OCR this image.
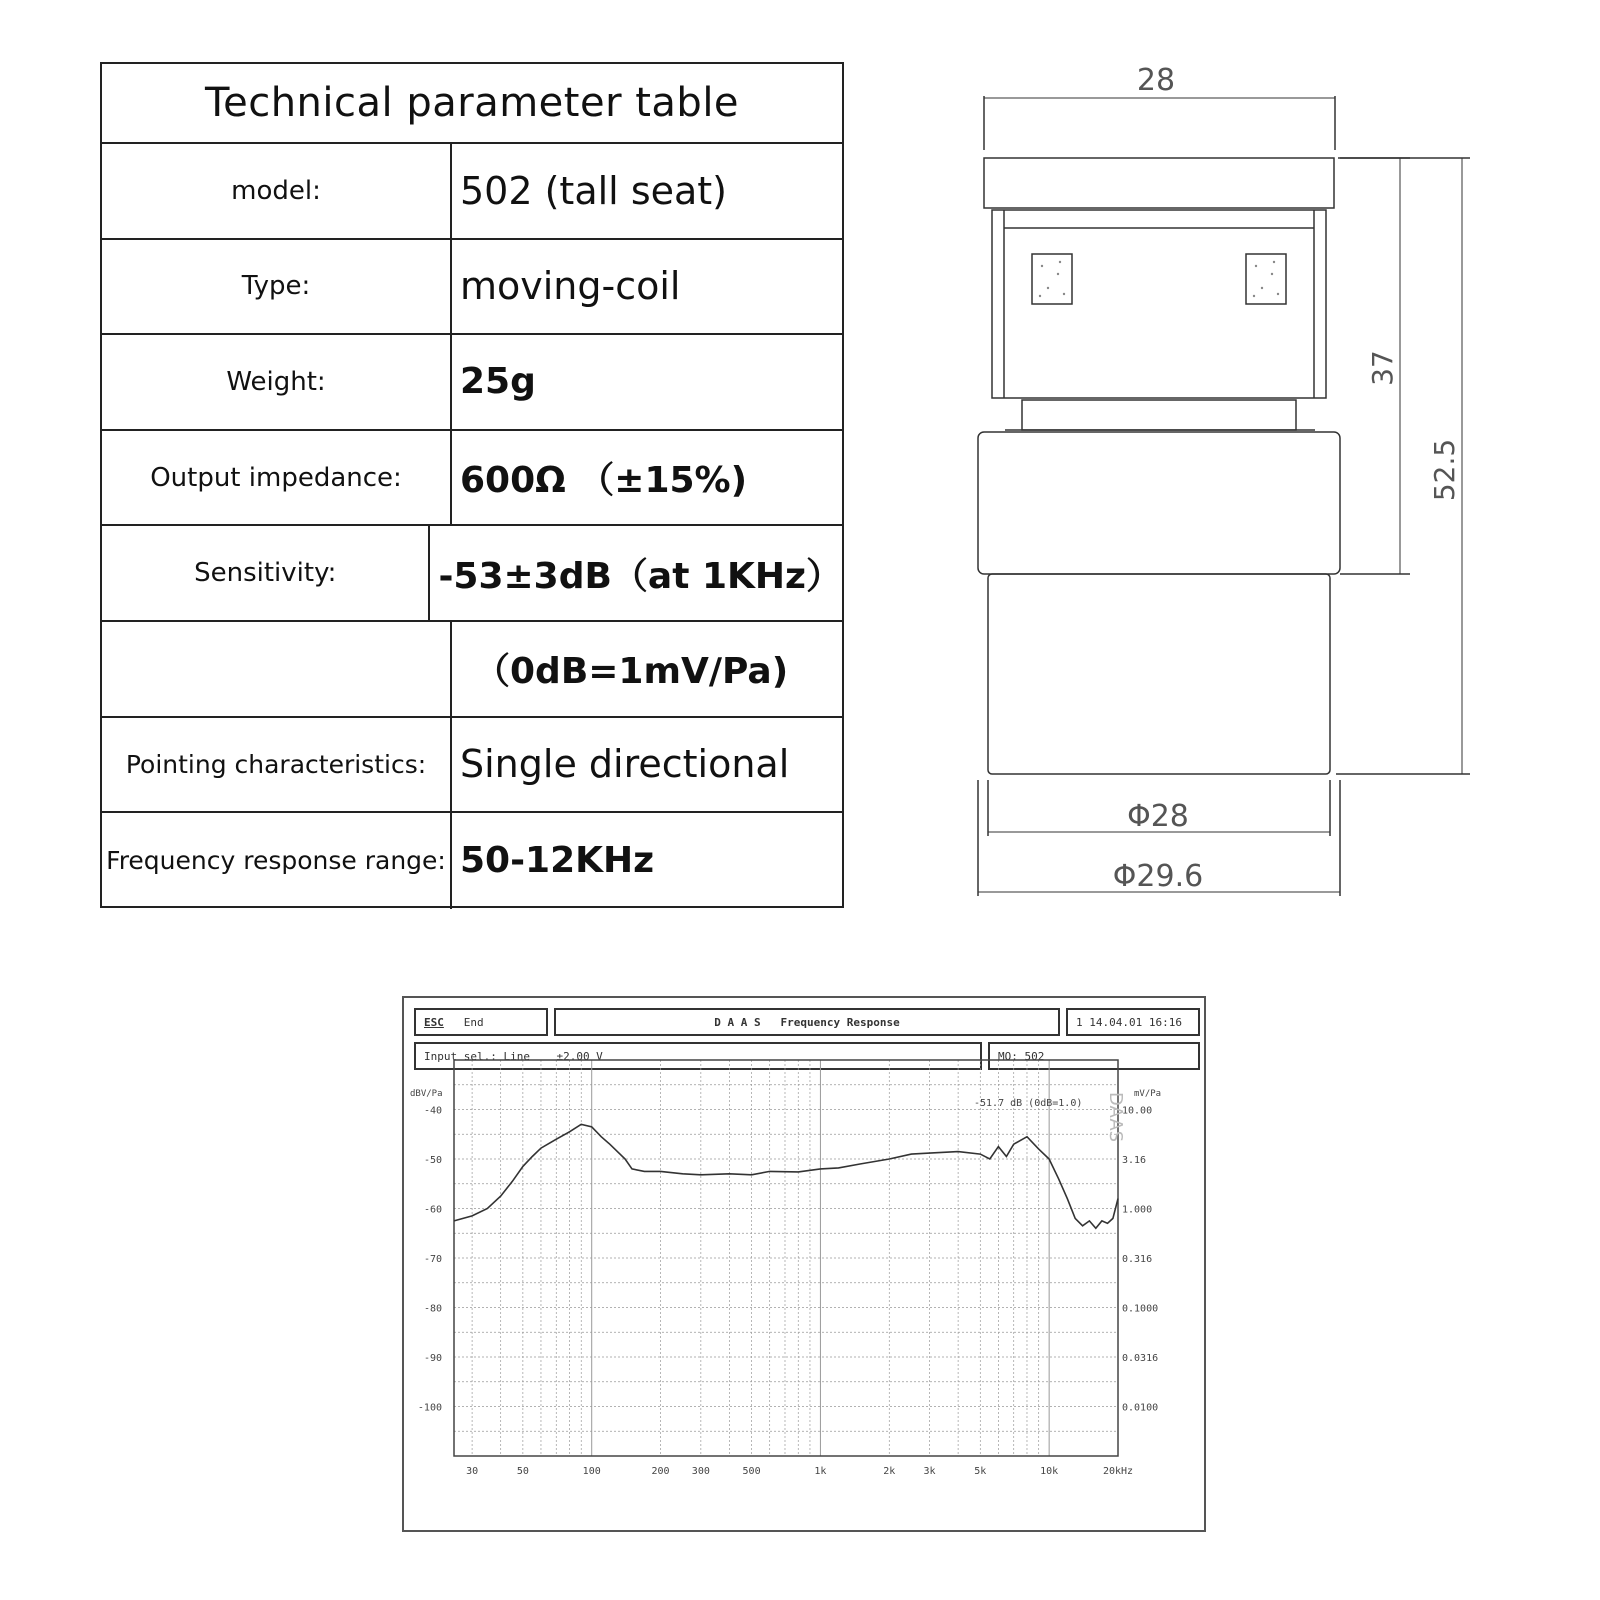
Technical parameter table
model:	502 (tall seat)
Type:	moving-coil
Weight:	25g
Output impedance:	600Ω （±15%)
Sensitivity:	-53±3dB（at 1KHz）
（0dB=1mV/Pa)
Pointing characteristics: Single directional
Frequency response range: 50-12KHz
28
37
52.5
Φ28
Φ29.6
ESC
End	D A A S   Frequency Response	1 14.04.01 16:16
Input sel.: Line    ±2.00 V	MO: 502
-40
-50
-60
-70
-80
-90
-100
10.00
3.16
1.000
0.316
0.1000
0.0316
0.0100
30	50	100	200 300	500	1k	2k	3k	5k	10k	20kHz
dBV/Pa	mV/Pa
-51.7 dB (0dB=1.0) DAAS
